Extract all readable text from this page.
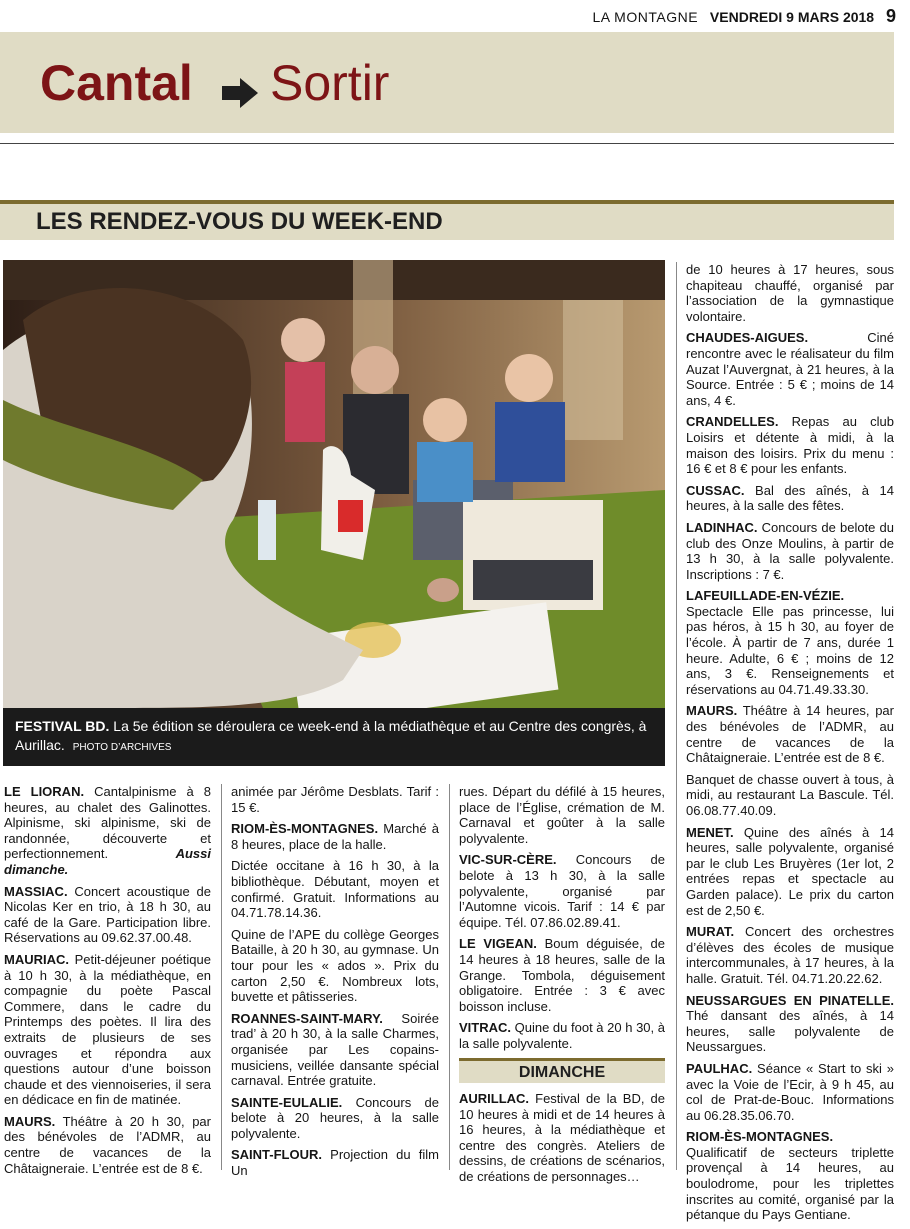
LA MONTAGNE VENDREDI 9 MARS 2018 9
Cantal Sortir
LES RENDEZ-VOUS DU WEEK-END
FESTIVAL BD. La 5e édition se déroulera ce week-end à la médiathèque et au Centre des congrès, à Aurillac. PHOTO D’ARCHIVES

LE LIORAN. Cantalpinisme à 8 heures, au chalet des Galinottes. Alpinisme, ski alpinisme, ski de randonnée, découverte et perfectionnement.	Aussi dimanche.

MASSIAC. Concert acoustique de Nicolas Ker en trio, à 18 h 30, au café de la Gare. Participation libre. Réservations au 09.62.37.00.48.

MAURIAC. Petit-déjeuner poétique à 10 h 30, à la médiathèque, en compagnie du poète Pascal Commere, dans le cadre du Printemps des poètes. Il lira des extraits de plusieurs de ses ouvrages et répondra aux questions autour d’une boisson chaude et des viennoiseries, il sera en dédicace en fin de matinée.

MAURS. Théâtre à 20 h 30, par des bénévoles de l’ADMR, au centre de vacances de la Châtaigneraie. L’entrée est de 8 €.

animée par Jérôme Desblats. Tarif : 15 €.

RIOM-ÈS-MONTAGNES. Marché à 8 heures, place de la halle.

Dictée occitane à 16 h 30, à la bibliothèque. Débutant, moyen et confirmé. Gratuit. Informations au 04.71.78.14.36.

Quine de l’APE du collège Georges Bataille, à 20 h 30, au gymnase. Un tour pour les « ados ». Prix du carton 2,50 €. Nombreux lots, buvette et pâtisseries.

ROANNES-SAINT-MARY. Soirée trad’ à 20 h 30, à la salle Charmes, organisée par Les copains-musiciens, veillée dansante spécial carnaval. Entrée gratuite.

SAINTE-EULALIE. Concours de belote à 20 heures, à la salle polyvalente.

SAINT-FLOUR. Projection du film Un

rues. Départ du défilé à 15 heures, place de l’Église, crémation de M. Carnaval et goûter à la salle polyvalente.

VIC-SUR-CÈRE. Concours de belote à 13 h 30, à la salle polyvalente, organisé par l’Automne vicois. Tarif : 14 € par équipe. Tél. 07.86.02.89.41.

LE VIGEAN. Boum déguisée, de 14 heures à 18 heures, salle de la Grange. Tombola, déguisement obligatoire. Entrée : 3 € avec boisson incluse.

VITRAC. Quine du foot à 20 h 30, à la salle polyvalente.

DIMANCHE

AURILLAC. Festival de la BD, de 10 heures à midi et de 14 heures à 16 heures, à la médiathèque et centre des congrès. Ateliers de dessins, de créations de scénarios, de créations de personnages…

de 10 heures à 17 heures, sous chapiteau chauffé, organisé par l’association de la gymnastique volontaire.

CHAUDES-AIGUES.	Ciné rencontre avec le réalisateur du film Auzat l’Auvergnat, à 21 heures, à la Source. Entrée : 5 € ; moins de 14 ans, 4 €.

CRANDELLES. Repas au club Loisirs et détente à midi, à la maison des loisirs. Prix du menu : 16 € et 8 € pour les enfants.

CUSSAC. Bal des aînés, à 14 heures, à la salle des fêtes.

LADINHAC. Concours de belote du club des Onze Moulins, à partir de 13 h 30, à la salle polyvalente. Inscriptions : 7 €.

LAFEUILLADE-EN-VÉZIE. Spectacle Elle pas princesse, lui pas héros, à 15 h 30, au foyer de l’école. À partir de 7 ans, durée 1 heure. Adulte, 6 € ; moins de 12 ans, 3 €. Renseignements et réservations au 04.71.49.33.30.

MAURS. Théâtre à 14 heures, par des bénévoles de l’ADMR, au centre de vacances de la Châtaigneraie. L’entrée est de 8 €.

Banquet de chasse ouvert à tous, à midi, au restaurant La Bascule. Tél. 06.08.77.40.09.

MENET. Quine des aînés à 14 heures, salle polyvalente, organisé par le club Les Bruyères (1er lot, 2 entrées repas et spectacle au Garden palace). Le prix du carton est de 2,50 €.

MURAT. Concert des orchestres d’élèves des écoles de musique intercommunales, à 17 heures, à la halle. Gratuit. Tél. 04.71.20.22.62.

NEUSSARGUES EN PINATELLE. Thé dansant des aînés, à 14 heures, salle polyvalente de Neussargues.

PAULHAC. Séance « Start to ski » avec la Voie de l’Ecir, à 9 h 45, au col de Prat-de-Bouc. Informations au 06.28.35.06.70.

RIOM-ÈS-MONTAGNES. Qualificatif de secteurs triplette provençal à 14 heures, au boulodrome, pour les triplettes inscrites au comité, organisé par la pétanque du Pays Gentiane.
